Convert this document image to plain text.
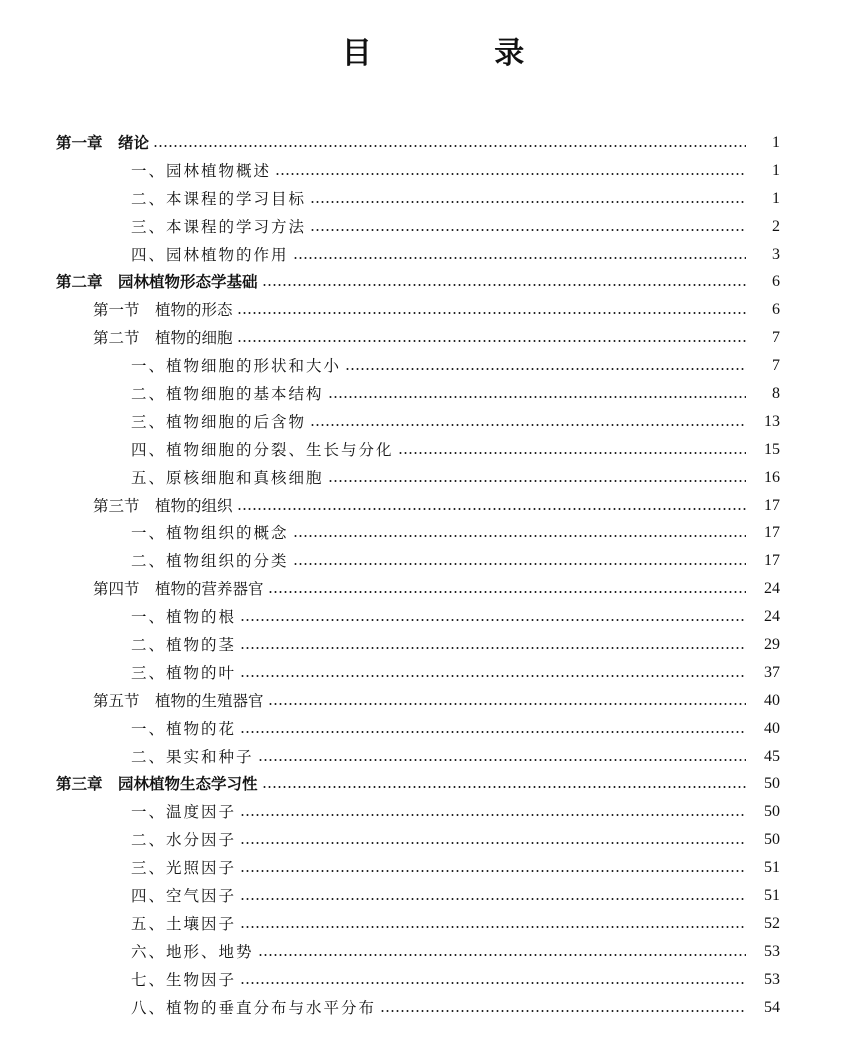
目 录
第一章　绪论	1
一、园林植物概述	1
二、本课程的学习目标	1
三、本课程的学习方法	2
四、园林植物的作用	3
第二章　园林植物形态学基础	6
第一节　植物的形态	6
第二节　植物的细胞	7
一、植物细胞的形状和大小	7
二、植物细胞的基本结构	8
三、植物细胞的后含物	13
四、植物细胞的分裂、生长与分化	15
五、原核细胞和真核细胞	16
第三节　植物的组织	17
一、植物组织的概念	17
二、植物组织的分类	17
第四节　植物的营养器官	24
一、植物的根	24
二、植物的茎	29
三、植物的叶	37
第五节　植物的生殖器官	40
一、植物的花	40
二、果实和种子	45
第三章　园林植物生态学习性	50
一、温度因子	50
二、水分因子	50
三、光照因子	51
四、空气因子	51
五、土壤因子	52
六、地形、地势	53
七、生物因子	53
八、植物的垂直分布与水平分布	54
